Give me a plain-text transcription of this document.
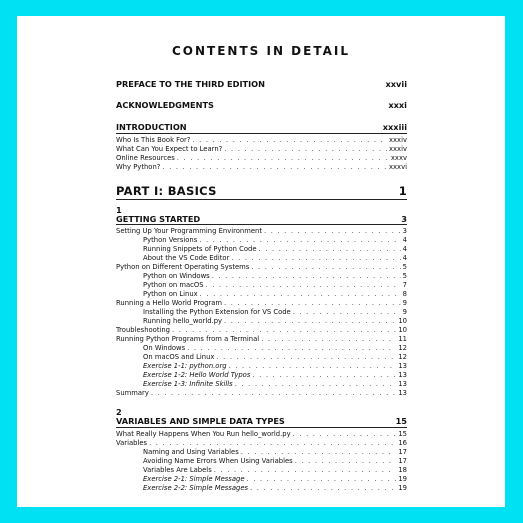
CONTENTS IN DETAIL
PREFACE TO THE THIRD EDITION	xxvii
ACKNOWLEDGMENTS	xxxi
INTRODUCTION	xxxiii
Who Is This Book For? . . .	xxxiv
What Can You Expect to Learn? . . .	xxxiv
Online Resources . . .	xxxv
Why Python? . . .	xxxvi
PART I: BASICS	1
1
GETTING STARTED	3
Setting Up Your Programming Environment . . .	3
Python Versions . . .	4
Running Snippets of Python Code . . .	4
About the VS Code Editor . . .	4
Python on Different Operating Systems . . .	5
Python on Windows . . .	5
Python on macOS . . .	7
Python on Linux . . .	8
Running a Hello World Program . . .	9
Installing the Python Extension for VS Code . . .	9
Running hello_world.py . . .	10
Troubleshooting . . .	10
Running Python Programs from a Terminal . . .	11
On Windows . . .	12
On macOS and Linux . . .	12
Exercise 1-1: python.org . . .	13
Exercise 1-2: Hello World Typos . . .	13
Exercise 1-3: Infinite Skills . . .	13
Summary . . .	13
2
VARIABLES AND SIMPLE DATA TYPES	15
What Really Happens When You Run hello_world.py . . .	15
Variables . . .	16
Naming and Using Variables . . .	17
Avoiding Name Errors When Using Variables . . .	17
Variables Are Labels . . .	18
Exercise 2-1: Simple Message . . .	19
Exercise 2-2: Simple Messages . . .	19
